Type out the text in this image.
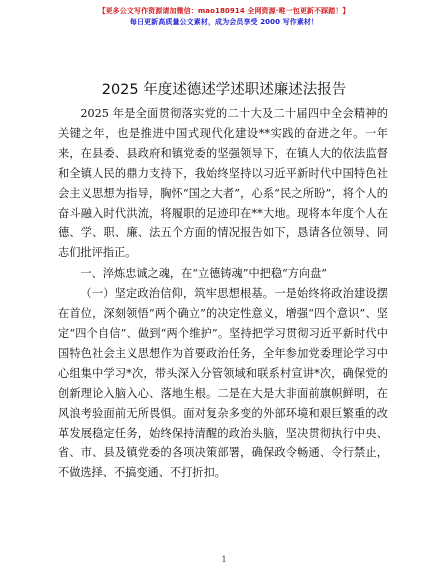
【更多公文写作资源请加微信：mao180914 全网资源·唯一包更新不踩踏！】
每日更新高质量公文素材，成为会员享受 2000 写作素材！
2025 年度述德述学述职述廉述法报告

2025 年是全面贯彻落实党的二十大及二十届四中全会精神的关键之年，也是推进中国式现代化建设**实践的奋进之年。一年来，在县委、县政府和镇党委的坚强领导下，在镇人大的依法监督和全镇人民的鼎力支持下，我始终坚持以习近平新时代中国特色社会主义思想为指导，胸怀“国之大者”，心系“民之所盼”，将个人的奋斗融入时代洪流，将履职的足迹印在**大地。现将本年度个人在德、学、职、廉、法五个方面的情况报告如下，恳请各位领导、同志们批评指正。

一、淬炼忠诚之魂，在“立德铸魂”中把稳“方向盘”

（一）坚定政治信仰，筑牢思想根基。一是始终将政治建设摆在首位，深刻领悟“两个确立”的决定性意义，增强“四个意识”、坚定“四个自信”、做到“两个维护”。坚持把学习贯彻习近平新时代中国特色社会主义思想作为首要政治任务，全年参加党委理论学习中心组集中学习*次，带头深入分管领域和联系村宣讲*次，确保党的创新理论入脑入心、落地生根。二是在大是大非面前旗帜鲜明，在风浪考验面前无所畏惧。面对复杂多变的外部环境和艰巨繁重的改革发展稳定任务，始终保持清醒的政治头脑，坚决贯彻执行中央、省、市、县及镇党委的各项决策部署，确保政令畅通、令行禁止，不做选择、不搞变通、不打折扣。

1
